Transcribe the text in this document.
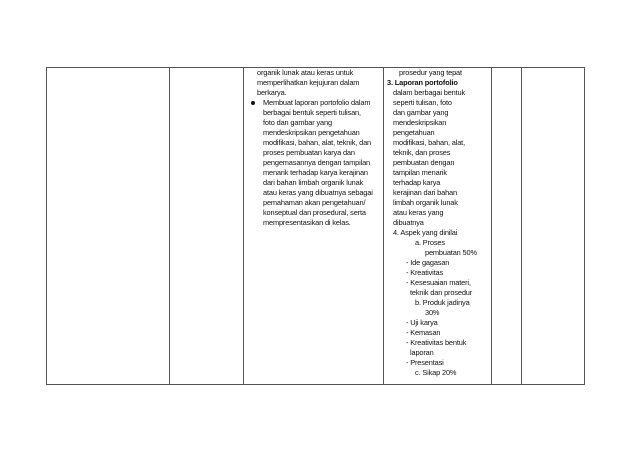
organik lunak atau keras untuk

memperlihatkan kejujuran dalam

berkarya.

Membuat laporan portofolio dalam

berbagai bentuk seperti tulisan,

foto dan gambar yang

mendeskripsikan pengetahuan

modifikasi, bahan, alat, teknik, dan

proses pembuatan karya dan

pengemasannya dengan tampilan

menarik terhadap karya kerajinan

dari bahan limbah organik lunak

atau keras yang dibuatnya sebagai

pemahaman akan pengetahuan/

konseptual dan prosedural, serta

mempresentasikan di kelas.

prosedur yang tepat

3. Laporan portofolio

dalam berbagai bentuk

seperti tulisan, foto

dan gambar yang

mendeskripsikan

pengetahuan

modifikasi, bahan, alat,

teknik, dan proses

pembuatan dengan

tampilan menarik

terhadap karya

kerajinan dari bahan

limbah organik lunak

atau keras yang

dibuatnya

4. Aspek yang dinilai

a. Proses

pembuatan 50%

- Ide gagasan

- Kreativitas

- Kesesuaian materi,

teknik dan prosedur

b. Produk jadinya

30%

- Uji karya

- Kemasan

- Kreativitas bentuk

laporan

- Presentasi

c. Sikap 20%
